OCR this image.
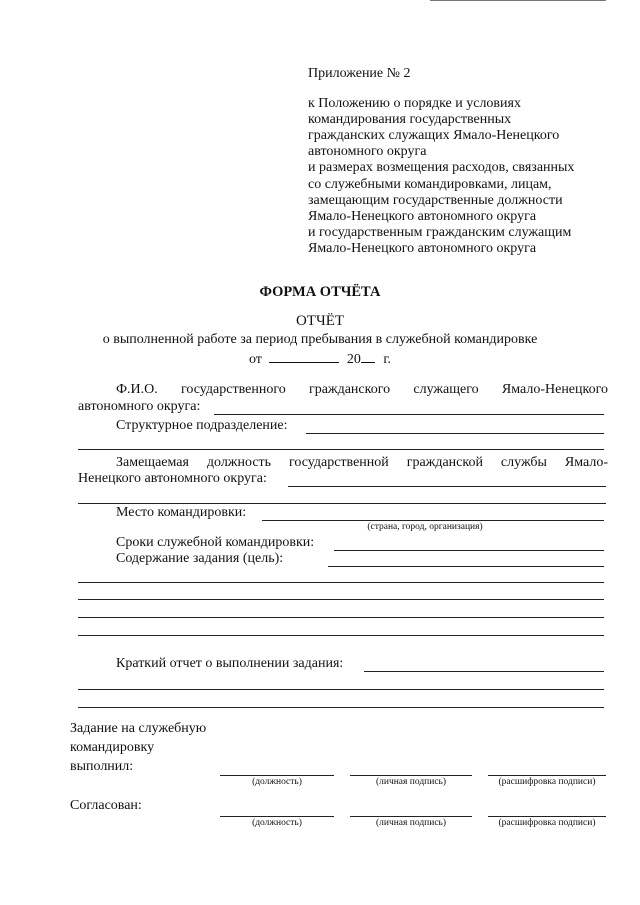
Приложение № 2
к Положению о порядке и условиях
командирования государственных
гражданских служащих Ямало-Ненецкого
автономного округа
и размерах возмещения расходов, связанных
со служебными командировками, лицам,
замещающим государственные должности
Ямало-Ненецкого автономного округа
и государственным гражданским служащим
Ямало-Ненецкого автономного округа
ФОРМА ОТЧЁТА
ОТЧЁТ
о выполненной работе за период пребывания в служебной командировке
от	20 г.
Ф.И.О. государственного гражданского служащего Ямало-Ненецкого
автономного округа:
Структурное подразделение:
Замещаемая должность государственной гражданской службы Ямало-
Ненецкого автономного округа:
Место командировки:
(страна, город, организация)
Сроки служебной командировки:
Содержание задания (цель):
Краткий отчет о выполнении задания:
Задание на служебную
командировку
выполнил:
(должность)	(личная подпись)	(расшифровка подписи)
Согласован:
(должность)	(личная подпись)	(расшифровка подписи)
